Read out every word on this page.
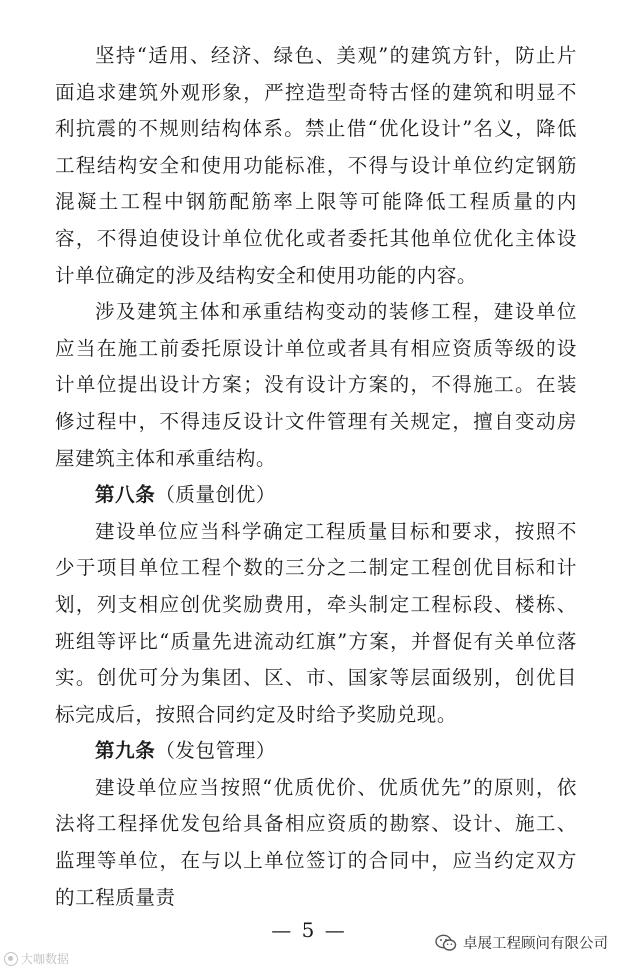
坚持“适用、经济、绿色、美观”的建筑方针，防止片面追求建筑外观形象，严控造型奇特古怪的建筑和明显不利抗震的不规则结构体系。禁止借“优化设计”名义，降低工程结构安全和使用功能标准，不得与设计单位约定钢筋混凝土工程中钢筋配筋率上限等可能降低工程质量的内容，不得迫使设计单位优化或者委托其他单位优化主体设计单位确定的涉及结构安全和使用功能的内容。

涉及建筑主体和承重结构变动的装修工程，建设单位应当在施工前委托原设计单位或者具有相应资质等级的设计单位提出设计方案；没有设计方案的，不得施工。在装修过程中，不得违反设计文件管理有关规定，擅自变动房屋建筑主体和承重结构。

第八条（质量创优）

建设单位应当科学确定工程质量目标和要求，按照不少于项目单位工程个数的三分之二制定工程创优目标和计划，列支相应创优奖励费用，牵头制定工程标段、楼栋、班组等评比“质量先进流动红旗”方案，并督促有关单位落实。创优可分为集团、区、市、国家等层面级别，创优目标完成后，按照合同约定及时给予奖励兑现。

第九条（发包管理）

建设单位应当按照“优质优价、优质优先”的原则，依法将工程择优发包给具备相应资质的勘察、设计、施工、监理等单位，在与以上单位签订的合同中，应当约定双方的工程质量责

— 5 —
卓展工程顾问有限公司
大咖数据
